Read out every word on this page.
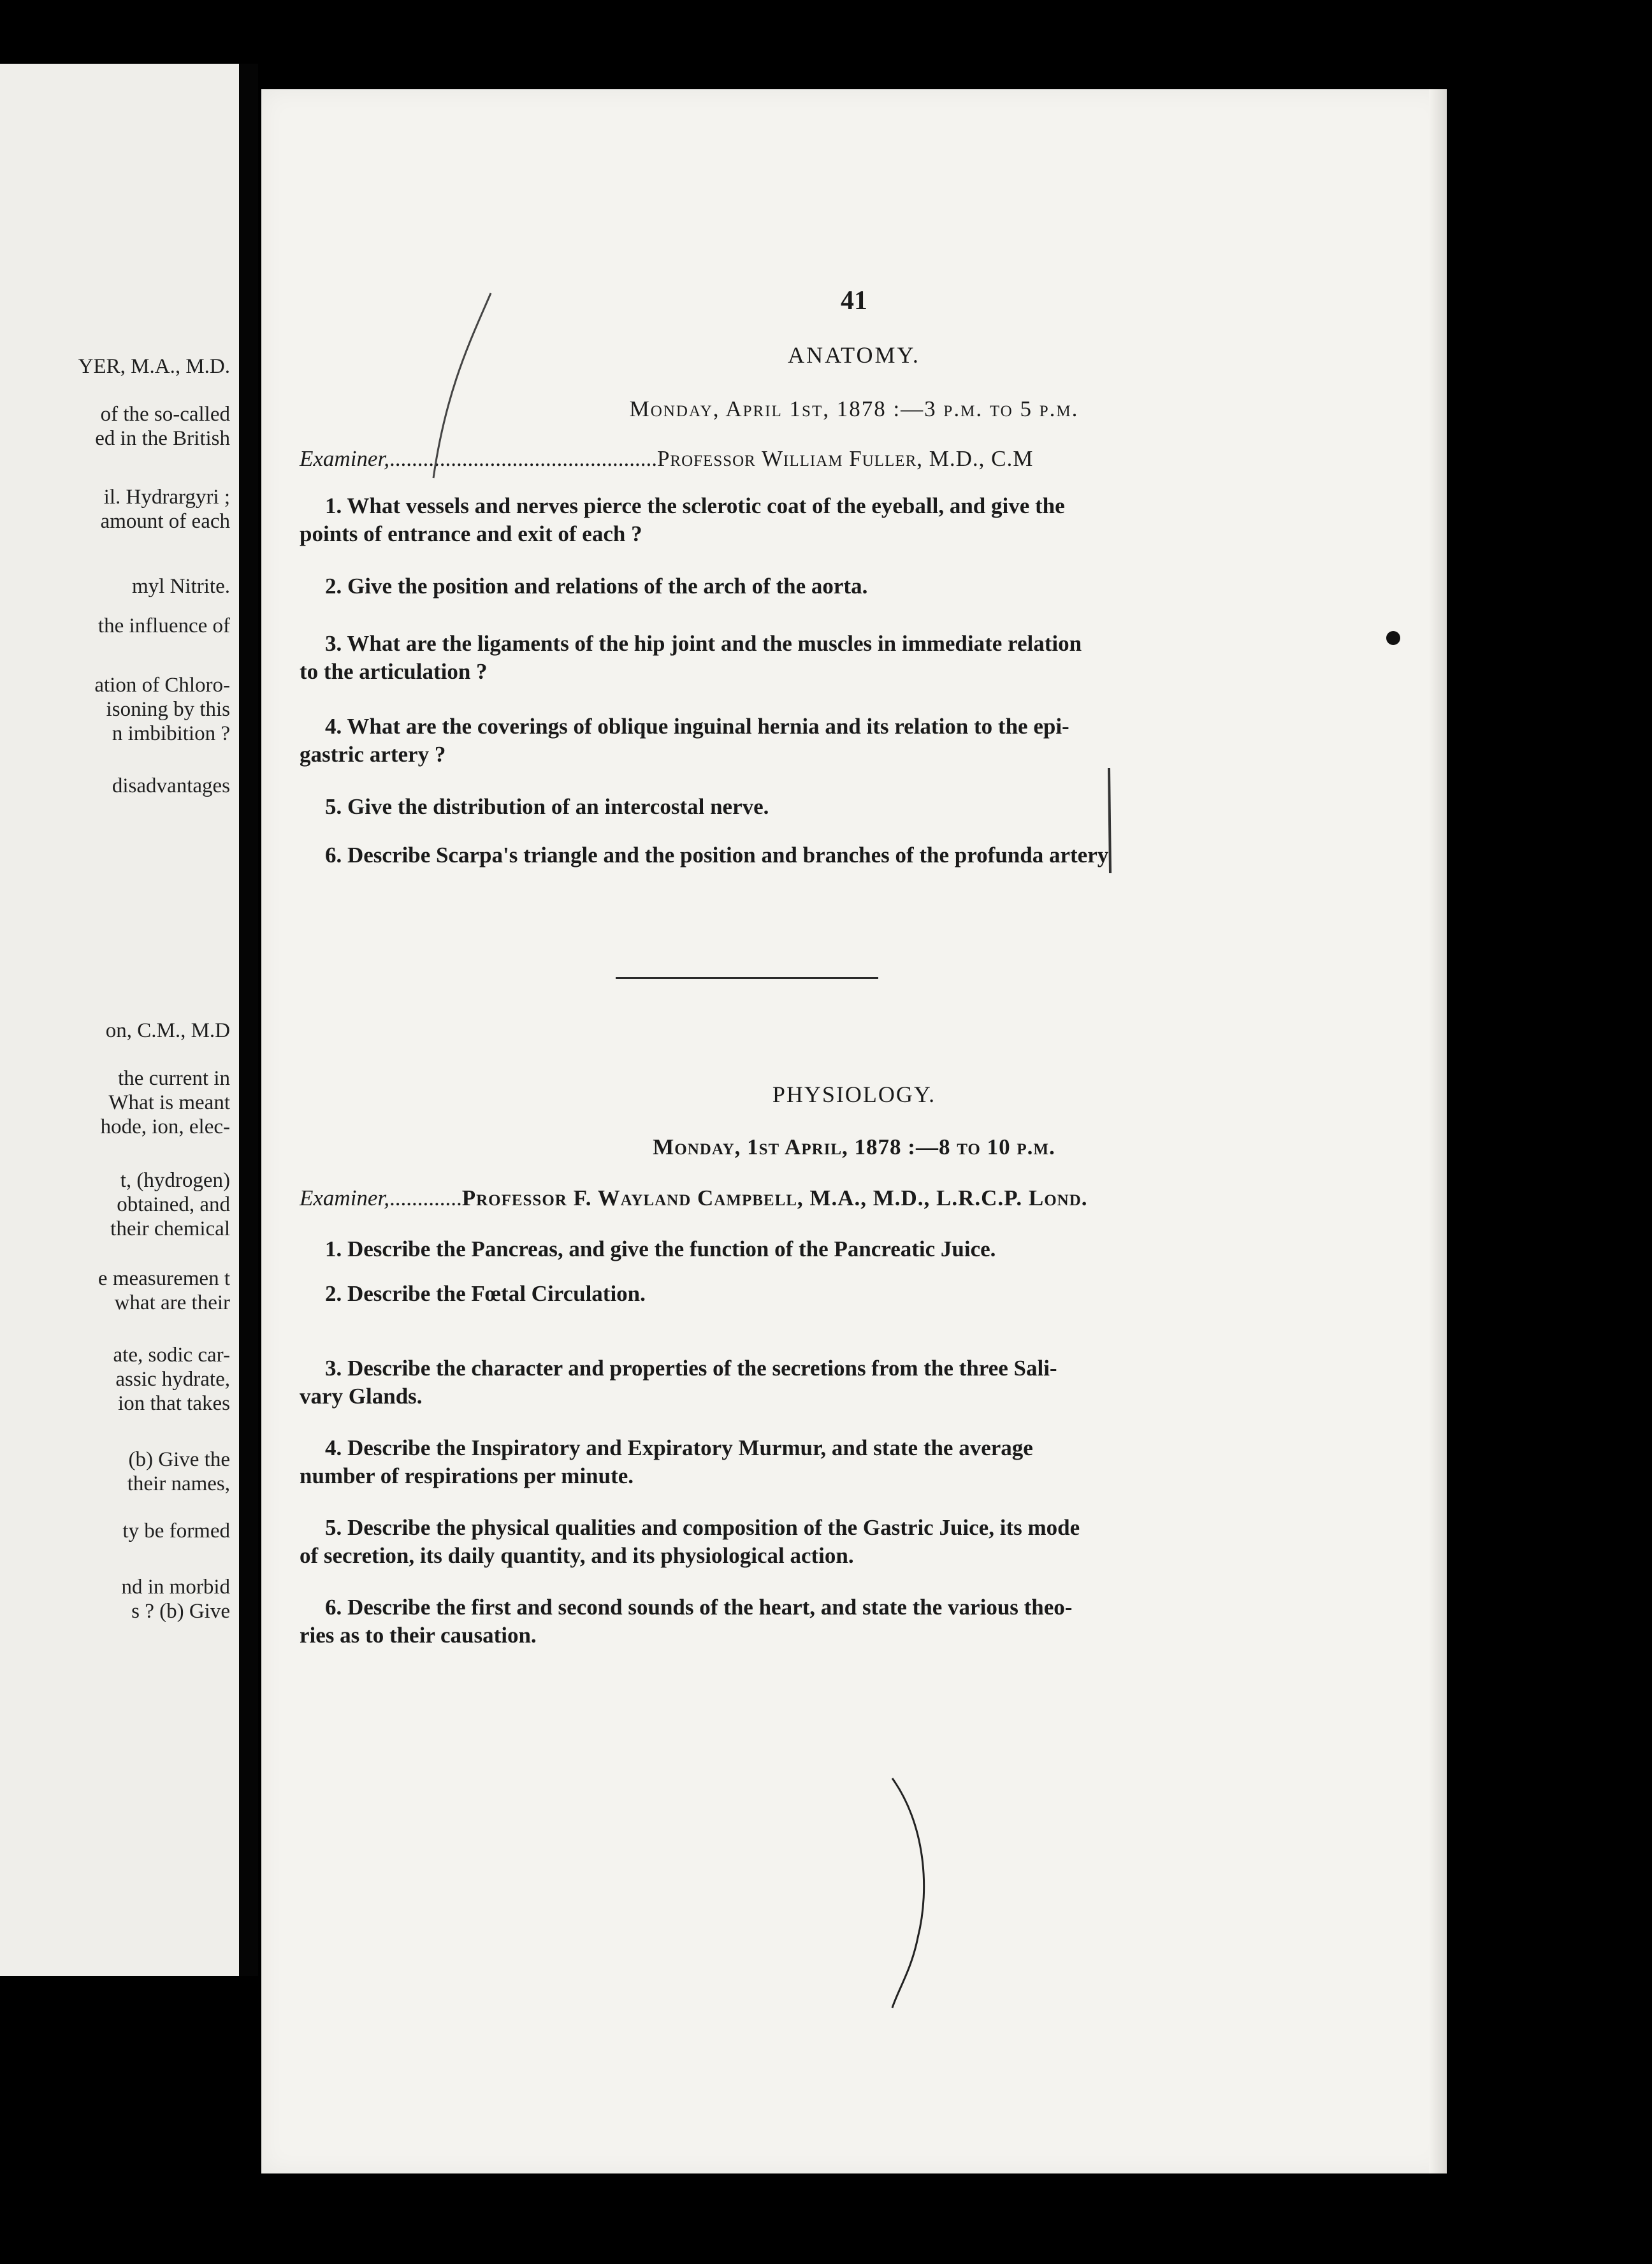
YER, M.A., M.D.
of the so-called
ed in the British
il. Hydrargyri ;
amount of each
myl Nitrite.
the influence of
ation of Chloro-
isoning by this
n imbibition ?
disadvantages
on, C.M., M.D
the current in
What is meant
hode, ion, elec-
t, (hydrogen)
obtained, and
their chemical
e measuremen t
what are their
ate, sodic car-
assic hydrate,
ion that takes
(b) Give the
their names,
ty be formed
nd in morbid
s ? (b) Give
41
ANATOMY.
Monday, April 1st, 1878 :—3 p.m. to 5 p.m.
Examiner,................................................Professor William Fuller, M.D., C.M
1. What vessels and nerves pierce the sclerotic coat of the eyeball, and give the
points of entrance and exit of each ?
2. Give the position and relations of the arch of the aorta.
3. What are the ligaments of the hip joint and the muscles in immediate relation
to the articulation ?
4. What are the coverings of oblique inguinal hernia and its relation to the epi-
gastric artery ?
5. Give the distribution of an intercostal nerve.
6. Describe Scarpa's triangle and the position and branches of the profunda artery
PHYSIOLOGY.
Monday, 1st April, 1878 :—8 to 10 p.m.
Examiner,.............Professor F. Wayland Campbell, M.A., M.D., L.R.C.P. Lond.
1. Describe the Pancreas, and give the function of the Pancreatic Juice.
2. Describe the Fœtal Circulation.
3. Describe the character and properties of the secretions from the three Sali-
vary Glands.
4. Describe the Inspiratory and Expiratory Murmur, and state the average
number of respirations per minute.
5. Describe the physical qualities and composition of the Gastric Juice, its mode
of secretion, its daily quantity, and its physiological action.
6. Describe the first and second sounds of the heart, and state the various theo-
ries as to their causation.
